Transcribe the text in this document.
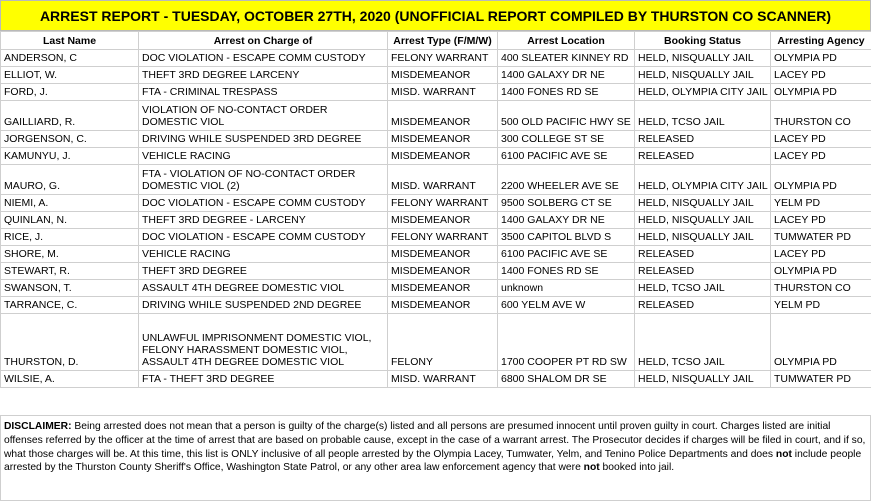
ARREST REPORT - TUESDAY, OCTOBER 27TH, 2020 (UNOFFICIAL REPORT COMPILED BY THURSTON CO SCANNER)
Last Name	Arrest on Charge of	Arrest Type (F/M/W)	Arrest Location	Booking Status	Arresting Agency
ANDERSON, C	DOC VIOLATION - ESCAPE COMM CUSTODY	FELONY WARRANT	400 SLEATER KINNEY RD	HELD, NISQUALLY JAIL	OLYMPIA PD
ELLIOT, W.	THEFT 3RD DEGREE LARCENY	MISDEMEANOR	1400 GALAXY DR NE	HELD, NISQUALLY JAIL	LACEY PD
FORD, J.	FTA - CRIMINAL TRESPASS	MISD. WARRANT	1400 FONES RD SE	HELD, OLYMPIA CITY JAIL	OLYMPIA PD
GAILLIARD, R.	VIOLATION OF NO-CONTACT ORDER DOMESTIC VIOL	MISDEMEANOR	500 OLD PACIFIC HWY SE	HELD, TCSO JAIL	THURSTON CO
JORGENSON, C.	DRIVING WHILE SUSPENDED 3RD DEGREE	MISDEMEANOR	300 COLLEGE ST SE	RELEASED	LACEY PD
KAMUNYU, J.	VEHICLE RACING	MISDEMEANOR	6100 PACIFIC AVE SE	RELEASED	LACEY PD
MAURO, G.	FTA - VIOLATION OF NO-CONTACT ORDER DOMESTIC VIOL (2)	MISD. WARRANT	2200 WHEELER AVE SE	HELD, OLYMPIA CITY JAIL	OLYMPIA PD
NIEMI, A.	DOC VIOLATION - ESCAPE COMM CUSTODY	FELONY WARRANT	9500 SOLBERG CT SE	HELD, NISQUALLY JAIL	YELM PD
QUINLAN, N.	THEFT 3RD DEGREE - LARCENY	MISDEMEANOR	1400 GALAXY DR NE	HELD, NISQUALLY JAIL	LACEY PD
RICE, J.	DOC VIOLATION - ESCAPE COMM CUSTODY	FELONY WARRANT	3500 CAPITOL BLVD S	HELD, NISQUALLY JAIL	TUMWATER PD
SHORE, M.	VEHICLE RACING	MISDEMEANOR	6100 PACIFIC AVE SE	RELEASED	LACEY PD
STEWART, R.	THEFT 3RD DEGREE	MISDEMEANOR	1400 FONES RD SE	RELEASED	OLYMPIA PD
SWANSON, T.	ASSAULT 4TH DEGREE DOMESTIC VIOL	MISDEMEANOR	unknown	HELD, TCSO JAIL	THURSTON CO
TARRANCE, C.	DRIVING WHILE SUSPENDED 2ND DEGREE	MISDEMEANOR	600 YELM AVE W	RELEASED	YELM PD
THURSTON, D.	UNLAWFUL IMPRISONMENT DOMESTIC VIOL, FELONY HARASSMENT DOMESTIC VIOL, ASSAULT 4TH DEGREE DOMESTIC VIOL	FELONY	1700 COOPER PT RD SW	HELD, TCSO JAIL	OLYMPIA PD
WILSIE, A.	FTA - THEFT 3RD DEGREE	MISD. WARRANT	6800 SHALOM DR SE	HELD, NISQUALLY JAIL	TUMWATER PD
DISCLAIMER: Being arrested does not mean that a person is guilty of the charge(s) listed and all persons are presumed innocent until proven guilty in court. Charges listed are initial offenses referred by the officer at the time of arrest that are based on probable cause, except in the case of a warrant arrest. The Prosecutor decides if charges will be filed in court, and if so, what those charges will be. At this time, this list is ONLY inclusive of all people arrested by the Olympia Lacey, Tumwater, Yelm, and Tenino Police Departments and does not include people arrested by the Thurston County Sheriff's Office, Washington State Patrol, or any other area law enforcement agency that were not booked into jail.
